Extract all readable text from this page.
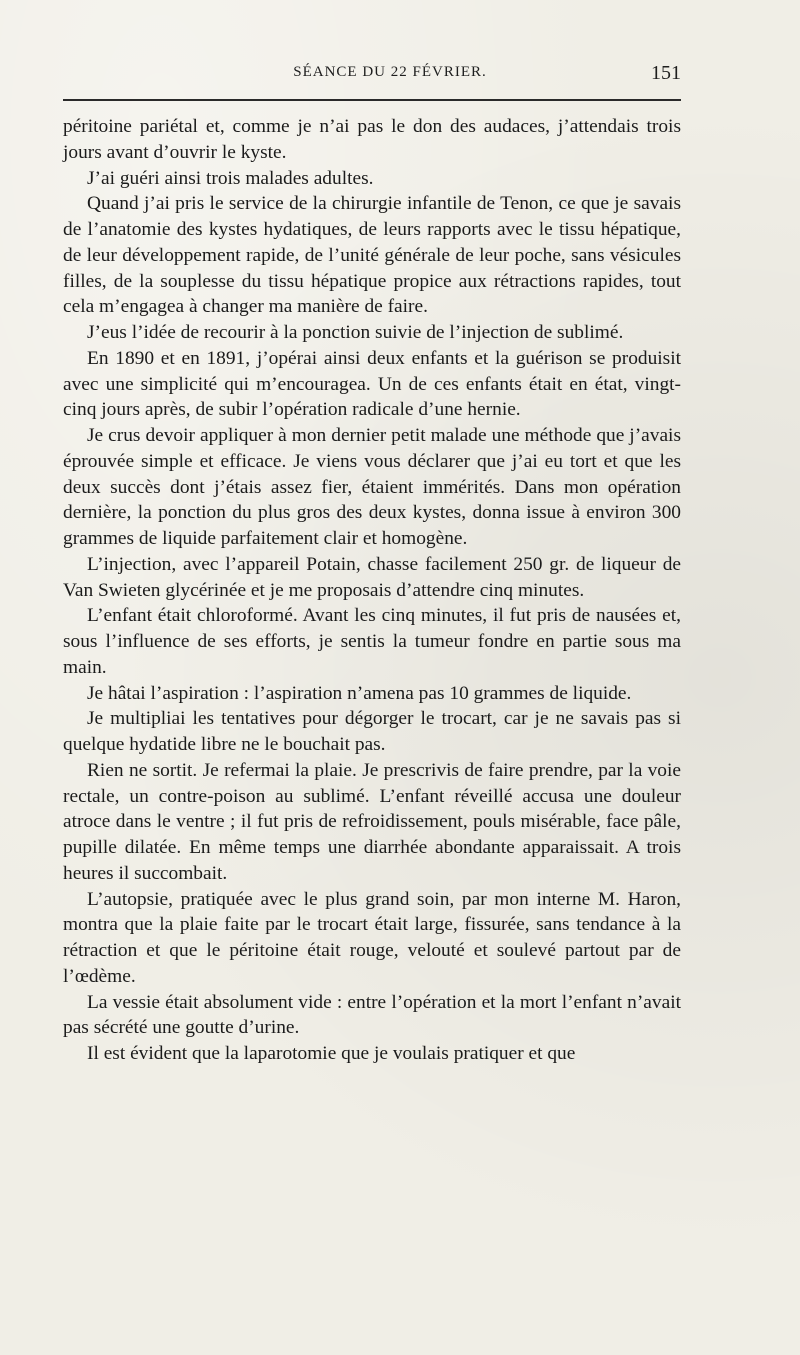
SÉANCE DU 22 FÉVRIER.	151

péritoine pariétal et, comme je n’ai pas le don des audaces, j’attendais trois jours avant d’ouvrir le kyste.

J’ai guéri ainsi trois malades adultes.

Quand j’ai pris le service de la chirurgie infantile de Tenon, ce que je savais de l’anatomie des kystes hydatiques, de leurs rapports avec le tissu hépatique, de leur développement rapide, de l’unité générale de leur poche, sans vésicules filles, de la souplesse du tissu hépatique propice aux rétractions rapides, tout cela m’engagea à changer ma manière de faire.

J’eus l’idée de recourir à la ponction suivie de l’injection de sublimé.

En 1890 et en 1891, j’opérai ainsi deux enfants et la guérison se produisit avec une simplicité qui m’encouragea. Un de ces enfants était en état, vingt-cinq jours après, de subir l’opération radicale d’une hernie.

Je crus devoir appliquer à mon dernier petit malade une méthode que j’avais éprouvée simple et efficace. Je viens vous déclarer que j’ai eu tort et que les deux succès dont j’étais assez fier, étaient immérités. Dans mon opération dernière, la ponction du plus gros des deux kystes, donna issue à environ 300 grammes de liquide parfaitement clair et homogène.

L’injection, avec l’appareil Potain, chasse facilement 250 gr. de liqueur de Van Swieten glycérinée et je me proposais d’attendre cinq minutes.

L’enfant était chloroformé. Avant les cinq minutes, il fut pris de nausées et, sous l’influence de ses efforts, je sentis la tumeur fondre en partie sous ma main.

Je hâtai l’aspiration : l’aspiration n’amena pas 10 grammes de liquide.

Je multipliai les tentatives pour dégorger le trocart, car je ne savais pas si quelque hydatide libre ne le bouchait pas.

Rien ne sortit. Je refermai la plaie. Je prescrivis de faire prendre, par la voie rectale, un contre-poison au sublimé. L’enfant réveillé accusa une douleur atroce dans le ventre ; il fut pris de refroidissement, pouls misérable, face pâle, pupille dilatée. En même temps une diarrhée abondante apparaissait. A trois heures il succombait.

L’autopsie, pratiquée avec le plus grand soin, par mon interne M. Haron, montra que la plaie faite par le trocart était large, fissurée, sans tendance à la rétraction et que le péritoine était rouge, velouté et soulevé partout par de l’œdème.

La vessie était absolument vide : entre l’opération et la mort l’enfant n’avait pas sécrété une goutte d’urine.

Il est évident que la laparotomie que je voulais pratiquer et que
